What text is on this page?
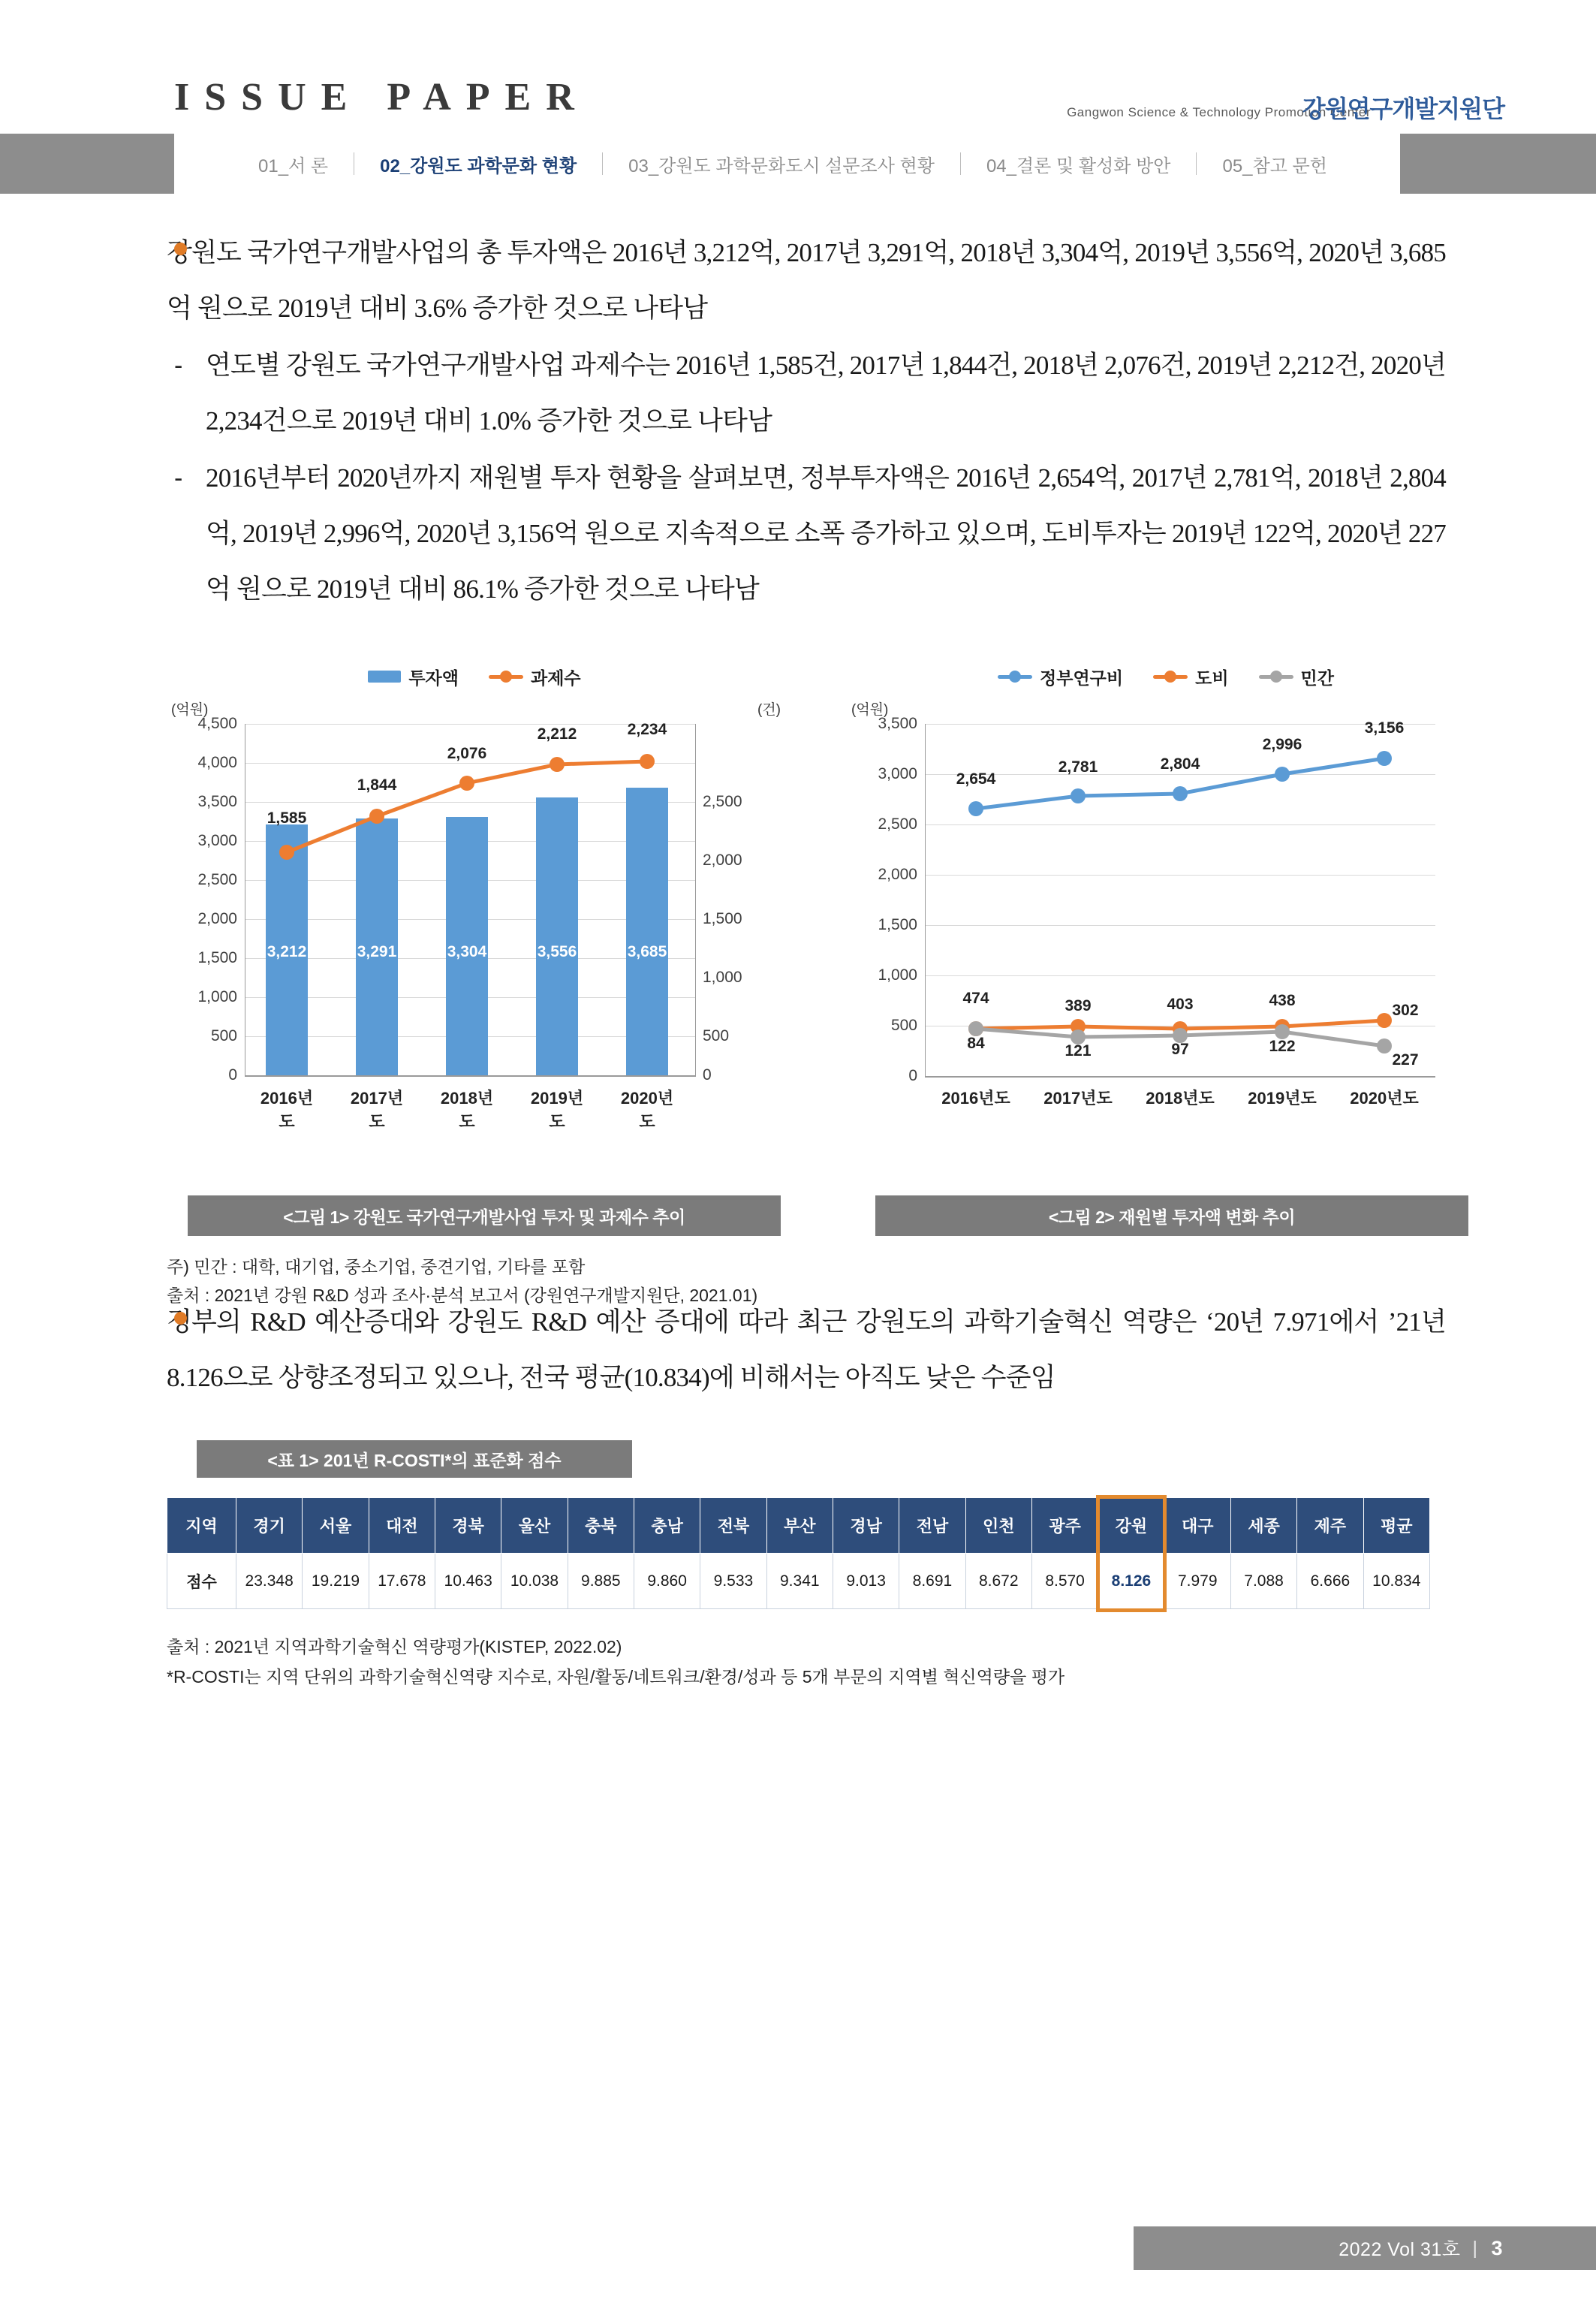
ISSUE PAPER	Gangwon Science & Technology Promotion Center
강원연구개발지원단
01_서 론	02_강원도 과학문화 현황	03_강원도 과학문화도시 설문조사 현황	04_결론 및 활성화 방안	05_참고 문헌
강원도 국가연구개발사업의 총 투자액은 2016년 3,212억, 2017년 3,291억, 2018년 3,304억, 2019년 3,556억, 2020년 3,685억 원으로 2019년 대비 3.6% 증가한 것으로 나타남
- 연도별 강원도 국가연구개발사업 과제수는 2016년 1,585건, 2017년 1,844건, 2018년 2,076건, 2019년 2,212건, 2020년 2,234건으로 2019년 대비 1.0% 증가한 것으로 나타남
- 2016년부터 2020년까지 재원별 투자 현황을 살펴보면, 정부투자액은 2016년 2,654억, 2017년 2,781억, 2018년 2,804억, 2019년 2,996억, 2020년 3,156억 원으로 지속적으로 소폭 증가하고 있으며, 도비투자는 2019년 122억, 2020년 227억 원으로 2019년 대비 86.1% 증가한 것으로 나타남
투자액	과제수
(억원)	(건)
4,500
4,000
3,500
3,000
2,500
2,000
1,500
1,000
500
0
2,500
2,000
1,500
1,000
500
0
3,212	3,291	3,304	3,556	3,685
1,585
1,844
2,076
2,212	2,234
2016년도
2017년도
2018년도
2019년도
2020년도
정부연구비	도비	민간
(억원)
3,500
3,000
2,500
2,000
1,500
1,000
500
0
2,654
2,781	2,804
2,996
3,156
474	389	403	438
302
84	121	97	122
227
2016년도 2017년도 2018년도 2019년도 2020년도
<그림 1> 강원도 국가연구개발사업 투자 및 과제수 추이	<그림 2> 재원별 투자액 변화 추이
주) 민간 : 대학, 대기업, 중소기업, 중견기업, 기타를 포함
출처 : 2021년 강원 R&D 성과 조사·분석 보고서 (강원연구개발지원단, 2021.01)
정부의 R&D 예산증대와 강원도 R&D 예산 증대에 따라 최근 강원도의 과학기술혁신 역량은 ‘20년 7.971에서 ’21년 8.126으로 상향조정되고 있으나, 전국 평균(10.834)에 비해서는 아직도 낮은 수준임
<표 1> 201년 R-COSTI*의 표준화 점수
지역	경기	서울	대전	경북	울산	충북	충남	전북	부산	경남	전남	인천	광주	강원	대구	세종	제주	평균
점수	23.348	19.219	17.678	10.463	10.038	9.885	9.860	9.533	9.341	9.013	8.691	8.672	8.570	8.126	7.979	7.088	6.666	10.834
출처 : 2021년 지역과학기술혁신 역량평가(KISTEP, 2022.02)
*R-COSTI는 지역 단위의 과학기술혁신역량 지수로, 자원/활동/네트워크/환경/성과 등 5개 부문의 지역별 혁신역량을 평가
2022 Vol 31호 | 3
